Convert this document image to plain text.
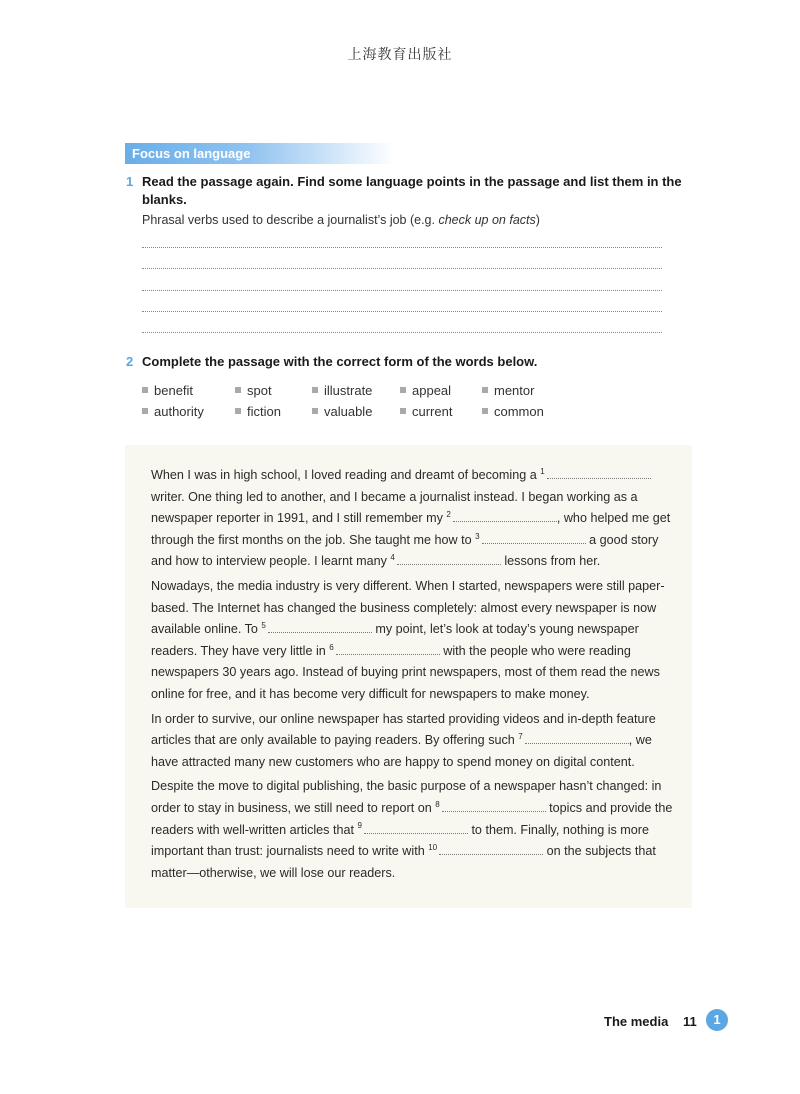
上海教育出版社
Focus on language
1 Read the passage again. Find some language points in the passage and list them in the blanks.
Phrasal verbs used to describe a journalist’s job (e.g. check up on facts)
2 Complete the passage with the correct form of the words below.
benefit	spot	illustrate	appeal	mentor
authority	fiction	valuable	current	common

When I was in high school, I loved reading and dreamt of becoming a $^1$ writer. One thing led to another, and I became a journalist instead. I began working as a newspaper reporter in 1991, and I still remember my $^2$	, who helped me get through the first months on the job. She taught me how to $^3$	a good story and how to interview people. I learnt many $^4$	lessons from her.

Nowadays, the media industry is very different. When I started, newspapers were still paper-based. The Internet has changed the business completely: almost every newspaper is now available online. To $^5$	my point, let’s look at today’s young newspaper readers. They have very little in $^6$	with the people who were reading newspapers 30 years ago. Instead of buying print newspapers, most of them read the news online for free, and it has become very difficult for newspapers to make money.

In order to survive, our online newspaper has started providing videos and in-depth feature articles that are only available to paying readers. By offering such $^7$	, we have attracted many new customers who are happy to spend money on digital content.

Despite the move to digital publishing, the basic purpose of a newspaper hasn’t changed: in order to stay in business, we still need to report on $^8$	topics and provide the readers with well-written articles that $^9$	to them. Finally, nothing is more important than trust: journalists need to write with $^{10}$	on the subjects that matter—otherwise, we will lose our readers.

The media 11	1
